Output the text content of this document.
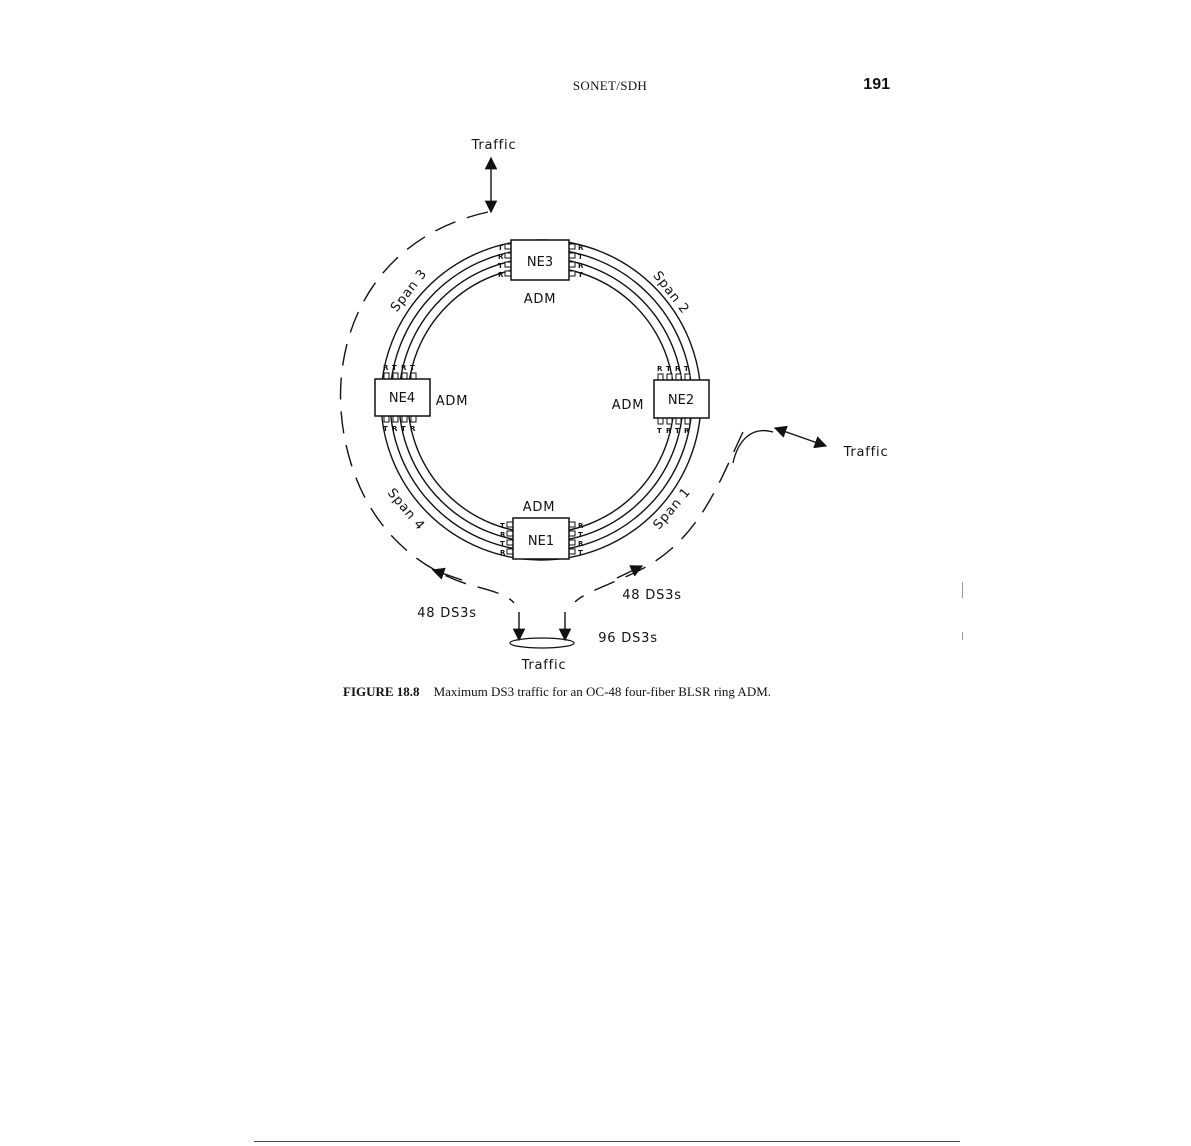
SONET/SDH	191
T
R
T
R
R
T
R
T
NE3
ADM
R T R T
T R T R
NE2
ADM
R T R T
T R T R
NE4 ADM
T
R
T
R
R
T
R
T
NE1
ADM
Span 3	Span 2
Span 4	Span 1
Traffic
Traffic
Traffic
48 DS3s
48 DS3s
96 DS3s
FIGURE 18.8 Maximum DS3 traffic for an OC-48 four-fiber BLSR ring ADM.
